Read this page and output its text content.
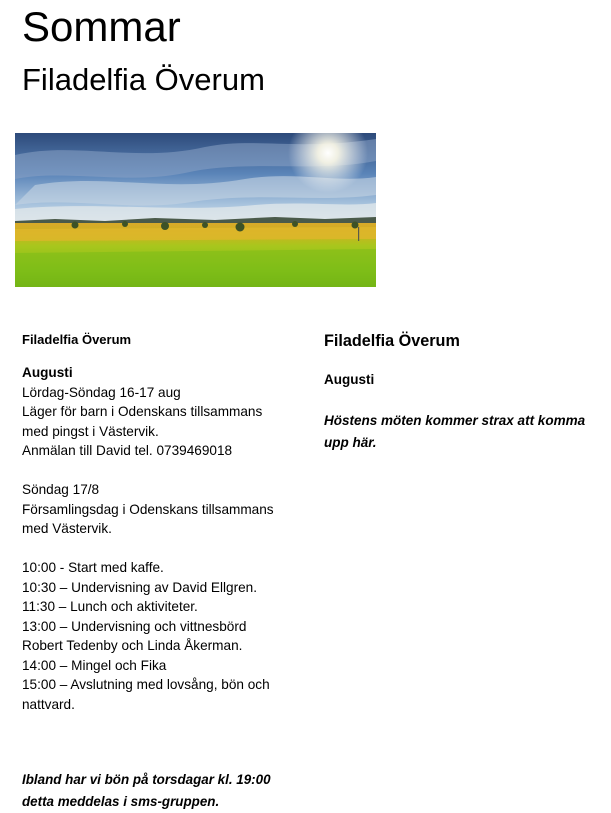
Sommar
Filadelfia Överum

Filadelfia Överum

Augusti

Lördag-Söndag 16-17 aug

Läger för barn i Odenskans tillsammans

med pingst i Västervik.

Anmälan till David tel. 0739469018

Söndag 17/8

Församlingsdag i Odenskans tillsammans

med Västervik.

10:00 - Start med kaffe.

10:30 – Undervisning av David Ellgren.

11:30 – Lunch och aktiviteter.

13:00 – Undervisning och vittnesbörd

Robert Tedenby och Linda Åkerman.

14:00 – Mingel och Fika

15:00 – Avslutning med lovsång, bön och

nattvard.

Ibland har vi bön på torsdagar kl. 19:00
detta meddelas i sms-gruppen.

Filadelfia Överum

Augusti
Höstens möten kommer strax att komma
upp här.
